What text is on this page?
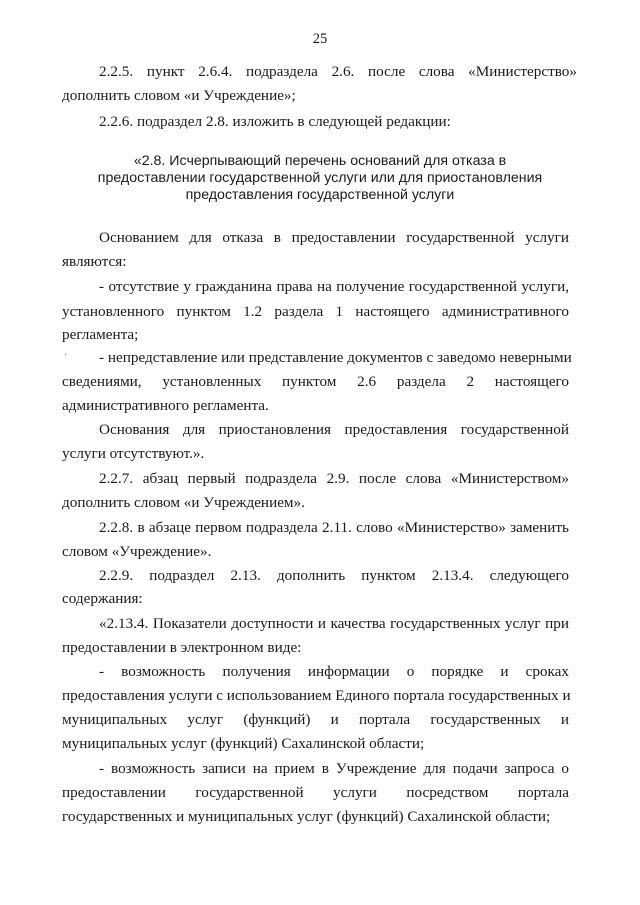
25
2.2.5. пункт 2.6.4. подраздела 2.6. после слова «Министерство»
дополнить словом «и Учреждение»;
2.2.6. подраздел 2.8. изложить в следующей редакции:
«2.8. Исчерпывающий перечень оснований для отказа в
предоставлении государственной услуги или для приостановления
предоставления государственной услуги
Основанием для отказа в предоставлении государственной услуги
являются:
- отсутствие у гражданина права на получение государственной услуги,
установленного пунктом 1.2 раздела 1 настоящего административного
регламента;
ʼ - непредставление или представление документов с заведомо неверными
сведениями, установленных пунктом 2.6 раздела 2 настоящего
административного регламента.
Основания для приостановления предоставления государственной
услуги отсутствуют.».
2.2.7. абзац первый подраздела 2.9. после слова «Министерством»
дополнить словом «и Учреждением».
2.2.8. в абзаце первом подраздела 2.11. слово «Министерство» заменить
словом «Учреждение».
2.2.9. подраздел 2.13. дополнить пунктом 2.13.4. следующего
содержания:
«2.13.4. Показатели доступности и качества государственных услуг при
предоставлении в электронном виде:
- возможность получения информации о порядке и сроках
предоставления услуги с использованием Единого портала государственных и
муниципальных услуг (функций) и портала государственных и
муниципальных услуг (функций) Сахалинской области;
- возможность записи на прием в Учреждение для подачи запроса о
предоставлении государственной услуги посредством портала
государственных и муниципальных услуг (функций) Сахалинской области;
